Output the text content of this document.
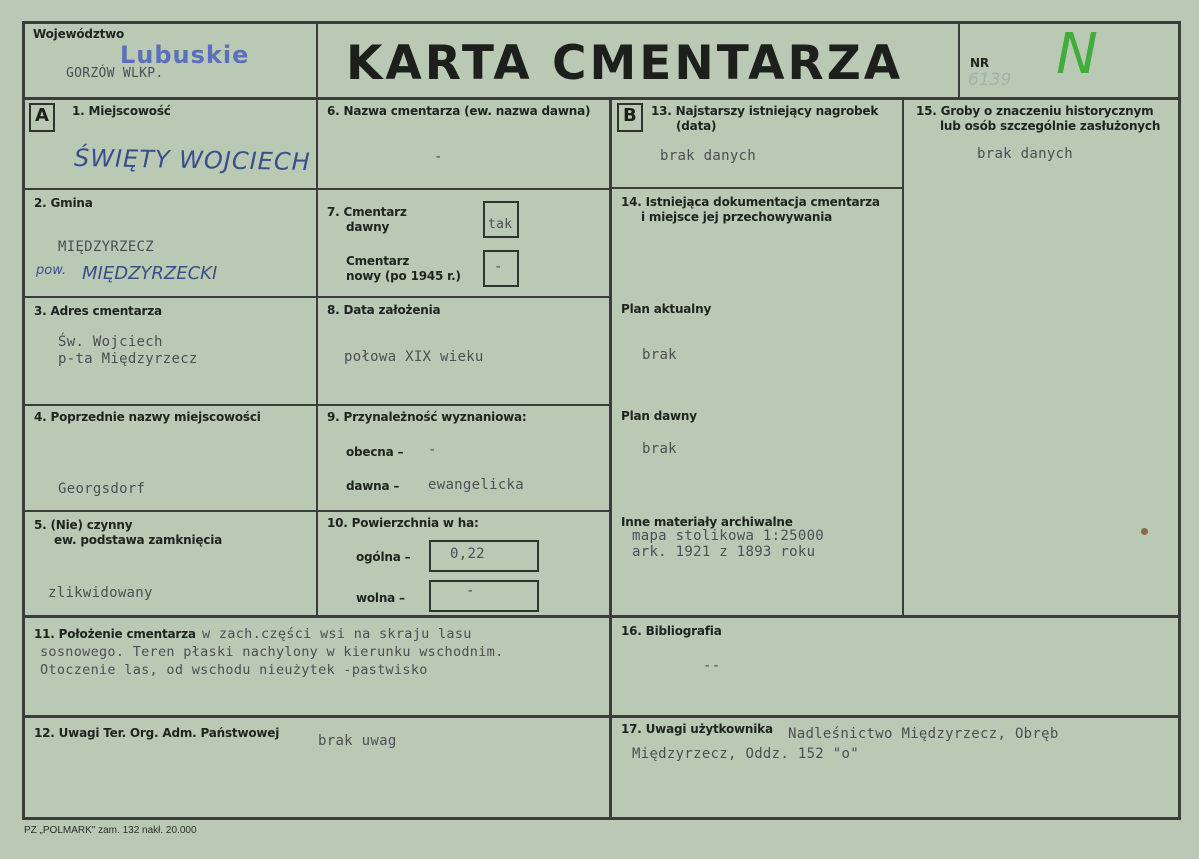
Województwo
Lubuskie
GORZÓW WLKP.	KARTA CMENTARZA	NR
6139 N
A	B
1. Miejscowość
ŚWIĘTY WOJCIECH
2. Gmina
MIĘDZYRZECZ
pow. MIĘDZYRZECKI
3. Adres cmentarza
Św. Wojciech
p-ta Międzyrzecz
4. Poprzednie nazwy miejscowości
Georgsdorf
5. (Nie) czynny
ew. podstawa zamknięcia
zlikwidowany
6. Nazwa cmentarza (ew. nazwa dawna)
-
7. Cmentarz
dawny	tak
Cmentarz
nowy (po 1945 r.)
-
8. Data założenia
połowa XIX wieku
9. Przynależność wyznaniowa:
obecna – -
dawna – ewangelicka
10. Powierzchnia w ha:
ogólna –	0,22
wolna –	-
11. Położenie cmentarza w zach.części wsi na skraju lasu
sosnowego. Teren płaski nachylony w kierunku wschodnim.
Otoczenie las, od wschodu nieużytek -pastwisko
12. Uwagi Ter. Org. Adm. Państwowej	brak uwag
13. Najstarszy istniejący nagrobek
(data)
brak danych
14. Istniejąca dokumentacja cmentarza
i miejsce jej przechowywania
Plan aktualny
brak
Plan dawny
brak
Inne materiały archiwalne
mapa stolikowa 1:25000
ark. 1921 z 1893 roku
15. Groby o znaczeniu historycznym
lub osób szczególnie zasłużonych
brak danych
16. Bibliografia
--
17. Uwagi użytkownika Nadleśnictwo Międzyrzecz, Obręb
Międzyrzecz, Oddz. 152 "o"
PZ „POLMARK" zam. 132 nakł. 20.000
